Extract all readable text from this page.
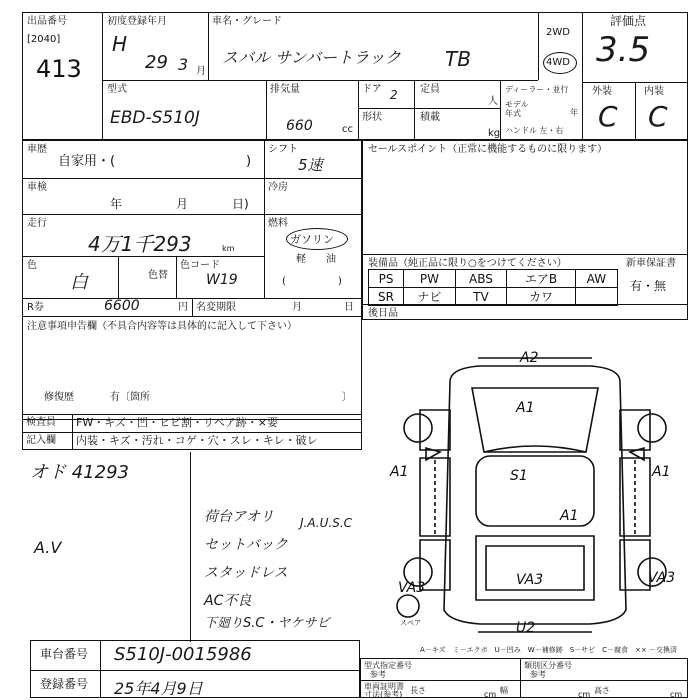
出品番号
[2040]
413
初度登録年月
H
29 3 月
車名・グレード
スバル サンバートラック TB
2WD
4WD
評価点
3.5
外装	内装
C C
型式
EBD-S510J
排気量
660	cc
ドア 2 定員
人
形状	積載
kg
ディーラー・並行
モデル年式	年
ハンドル 左・右
車歴
自家用・(	)
シフト
5速
車検
年	月	日)
冷房
走行
4万1千293	km
燃料
ガソリン
軽 油
色
白	色替
色コード
W19	(	)
R券	6600	円 名変期限	月	日
注意事項申告欄（不具合内容等は具体的に記入して下さい）
修復歴	有〔箇所	〕
検査員
記入欄
FW・キズ・凹・ヒビ割・リペア跡・×要
内装・キズ・汚れ・コゲ・穴・スレ・キレ・破レ
セールスポイント（正常に機能するものに限ります）
装備品（純正品に限り○をつけてください）	新車保証書
有・無
PS	PW	ABS	エアB	AW
SR	ナビ	TV	カワ	
後日品
オド 41293
A.V
荷台アオリ J.A.U.S.C
セットバック
スタッドレス
AC不良
下廻りS.C・ヤケサビ
A2
A1
A1	S1	A1
A1
VA3	VA3	VA3
U2
スペア
A－キズ　ミ－エクボ　U－凹み　W－補修跡　S－サビ　C－腐食　×× －交換済
車台番号 S510J-0015986
登録番号 25年4月9日
型式指定番号
参考
類別区分番号
参考
車両証明書
寸法(参考) 長さ	cm 幅	cm 高さ	cm
